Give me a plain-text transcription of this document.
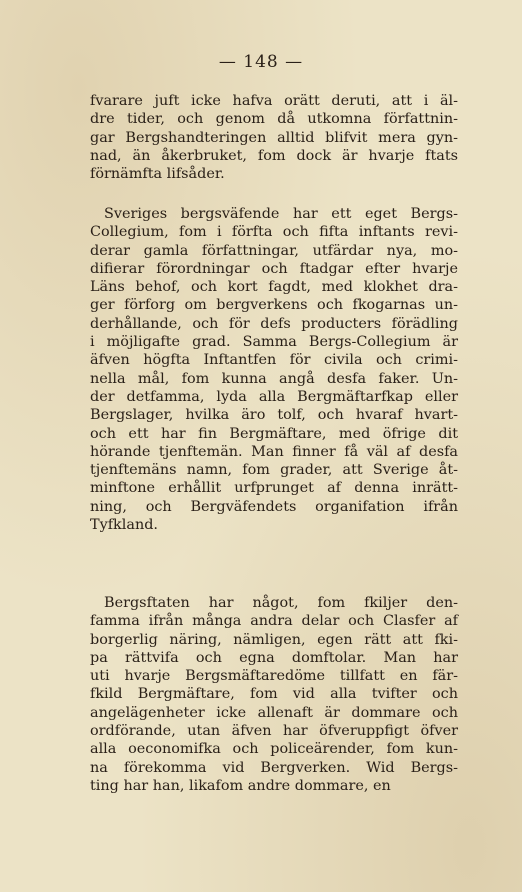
— 148 —
fvarare juft icke hafva orätt deruti, att i äl-
dre tider, och genom då utkomna författnin-
gar Bergshandteringen alltid blifvit mera gyn-
nad, än åkerbruket, fom dock är hvarje ftats
förnämfta lifsåder.
Sveriges bergsväfende har ett eget Bergs-
Collegium, fom i förfta och fifta inftants revi-
derar gamla författningar, utfärdar nya, mo-
difierar förordningar och ftadgar efter hvarje
Läns behof, och kort fagdt, med klokhet dra-
ger förforg om bergverkens och fkogarnas un-
derhållande, och för defs producters förädling
i möjligafte grad. Samma Bergs-Collegium är
äfven högfta Inftantfen för civila och crimi-
nella mål, fom kunna angå desfa faker. Un-
der detfamma, lyda alla Bergmäftarfkap eller
Bergslager, hvilka äro tolf, och hvaraf hvart-
och ett har fin Bergmäftare, med öfrige dit
hörande tjenftemän. Man finner få väl af desfa
tjenftemäns namn, fom grader, att Sverige åt-
minftone erhållit urfprunget af denna inrätt-
ning, och Bergväfendets organifation ifrån
Tyfkland.
Bergsftaten har något, fom fkiljer den-
famma ifrån många andra delar och Clasfer af
borgerlig näring, nämligen, egen rätt att fki-
pa rättvifa och egna domftolar. Man har
uti hvarje Bergsmäftaredöme tillfatt en fär-
fkild Bergmäftare, fom vid alla tvifter och
angelägenheter icke allenaft är dommare och
ordförande, utan äfven har öfveruppfigt öfver
alla oeconomifka och policeärender, fom kun-
na förekomma vid Bergverken. Wid Bergs-
ting har han, likafom andre dommare, en
